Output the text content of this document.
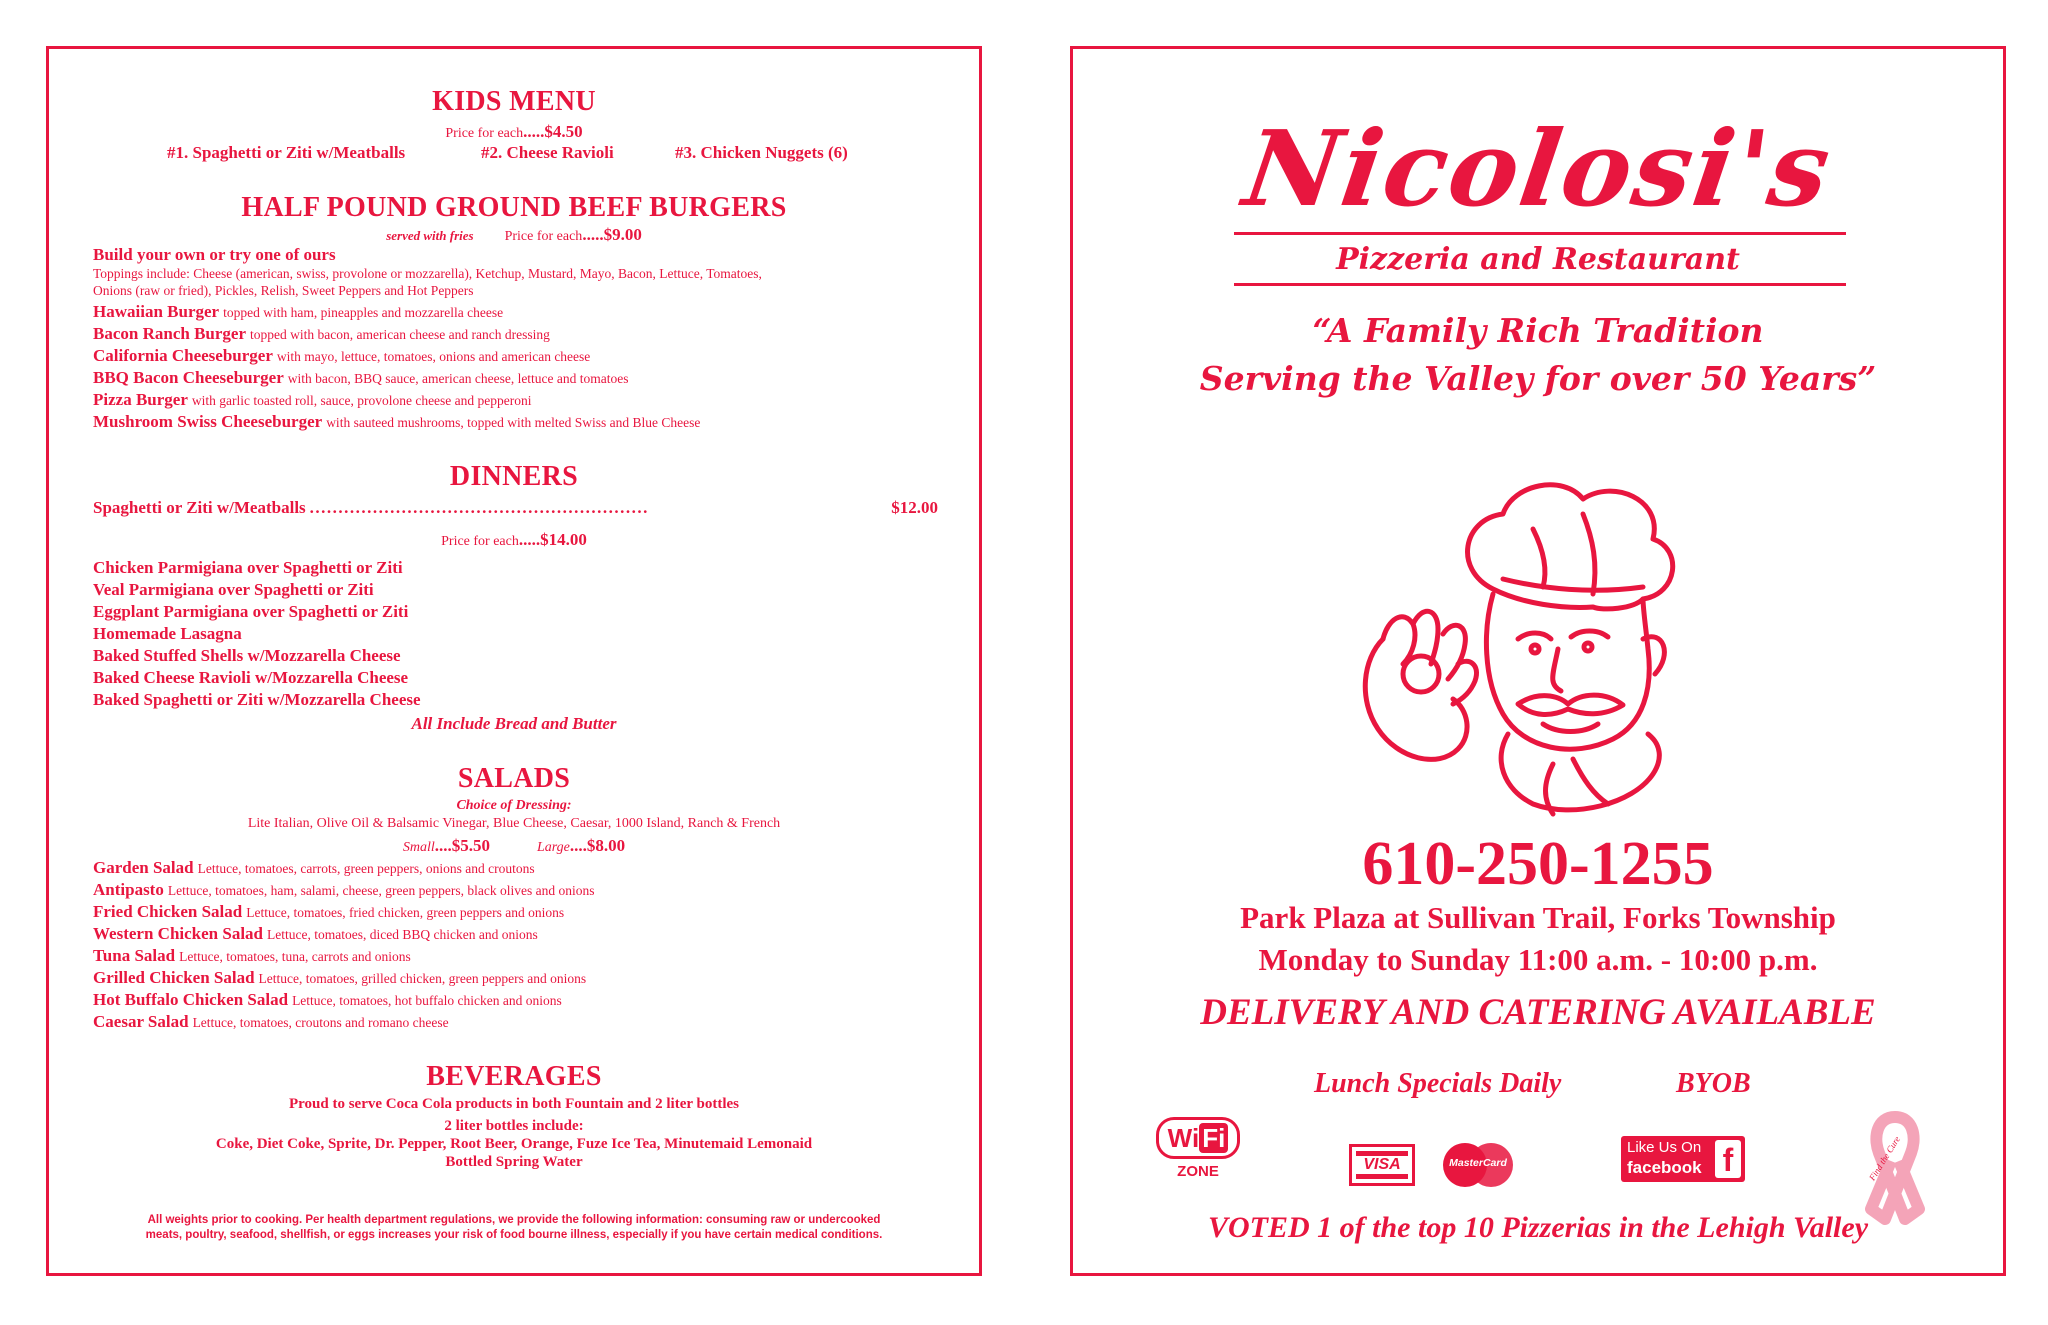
KIDS MENU
Price for each.....$4.50
#1. Spaghetti or Ziti w/Meatballs	#2. Cheese Ravioli	#3. Chicken Nuggets (6)
HALF POUND GROUND BEEF BURGERS
served with fries Price for each.....$9.00
Build your own or try one of ours
Toppings include: Cheese (american, swiss, provolone or mozzarella), Ketchup, Mustard, Mayo, Bacon, Lettuce, Tomatoes,
Onions (raw or fried), Pickles, Relish, Sweet Peppers and Hot Peppers
Hawaiian Burger topped with ham, pineapples and mozzarella cheese
Bacon Ranch Burger topped with bacon, american cheese and ranch dressing
California Cheeseburger with mayo, lettuce, tomatoes, onions and american cheese
BBQ Bacon Cheeseburger with bacon, BBQ sauce, american cheese, lettuce and tomatoes
Pizza Burger with garlic toasted roll, sauce, provolone cheese and pepperoni
Mushroom Swiss Cheeseburger with sauteed mushrooms, topped with melted Swiss and Blue Cheese
DINNERS
Spaghetti or Ziti w/Meatballs ...........................................................	$12.00
Price for each.....$14.00
Chicken Parmigiana over Spaghetti or Ziti
Veal Parmigiana over Spaghetti or Ziti
Eggplant Parmigiana over Spaghetti or Ziti
Homemade Lasagna
Baked Stuffed Shells w/Mozzarella Cheese
Baked Cheese Ravioli w/Mozzarella Cheese
Baked Spaghetti or Ziti w/Mozzarella Cheese
All Include Bread and Butter
SALADS
Choice of Dressing:
Lite Italian, Olive Oil & Balsamic Vinegar, Blue Cheese, Caesar, 1000 Island, Ranch & French
Small....$5.50	Large....$8.00
Garden Salad Lettuce, tomatoes, carrots, green peppers, onions and croutons
Antipasto Lettuce, tomatoes, ham, salami, cheese, green peppers, black olives and onions
Fried Chicken Salad Lettuce, tomatoes, fried chicken, green peppers and onions
Western Chicken Salad Lettuce, tomatoes, diced BBQ chicken and onions
Tuna Salad Lettuce, tomatoes, tuna, carrots and onions
Grilled Chicken Salad Lettuce, tomatoes, grilled chicken, green peppers and onions
Hot Buffalo Chicken Salad Lettuce, tomatoes, hot buffalo chicken and onions
Caesar Salad Lettuce, tomatoes, croutons and romano cheese
BEVERAGES
Proud to serve Coca Cola products in both Fountain and 2 liter bottles
2 liter bottles include:
Coke, Diet Coke, Sprite, Dr. Pepper, Root Beer, Orange, Fuze Ice Tea, Minutemaid Lemonaid
Bottled Spring Water
All weights prior to cooking. Per health department regulations, we provide the following information: consuming raw or undercooked
meats, poultry, seafood, shellfish, or eggs increases your risk of food bourne illness, especially if you have certain medical conditions.
Nicolosi's
Pizzeria and Restaurant
“A Family Rich Tradition
Serving the Valley for over 50 Years”
610-250-1255
Park Plaza at Sullivan Trail, Forks Township
Monday to Sunday 11:00 a.m. - 10:00 p.m.
DELIVERY AND CATERING AVAILABLE
Lunch Specials Daily	BYOB
Wi Fi
ZONE	VISA	MasterCard
Like Us On
facebook f	Find the Cure
VOTED 1 of the top 10 Pizzerias in the Lehigh Valley
